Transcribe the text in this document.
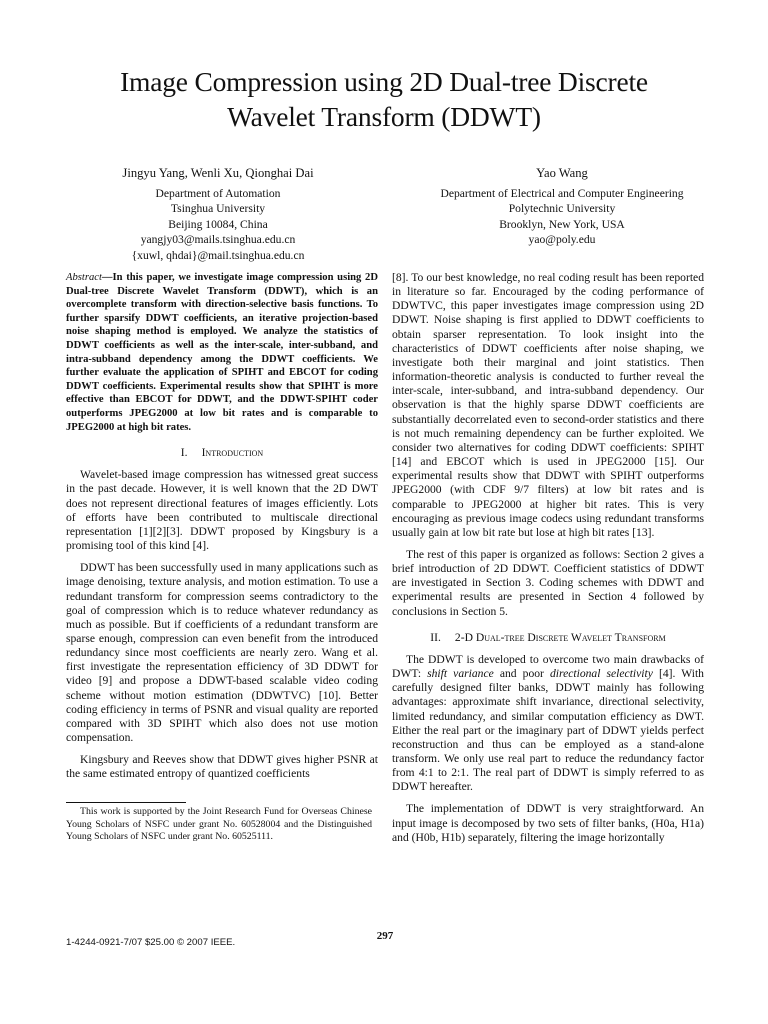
Image Compression using 2D Dual-tree Discrete
Wavelet Transform (DDWT)
Jingyu Yang, Wenli Xu, Qionghai Dai
Department of Automation
Tsinghua University
Beijing 10084, China
yangjy03@mails.tsinghua.edu.cn
{xuwl, qhdai}@mail.tsinghua.edu.cn
Yao Wang
Department of Electrical and Computer Engineering
Polytechnic University
Brooklyn, New York, USA
yao@poly.edu

Abstract—In this paper, we investigate image compression using 2D Dual-tree Discrete Wavelet Transform (DDWT), which is an overcomplete transform with direction-selective basis functions. To further sparsify DDWT coefficients, an iterative projection-based noise shaping method is employed. We analyze the statistics of DDWT coefficients as well as the inter-scale, inter-subband, and intra-subband dependency among the DDWT coefficients. We further evaluate the application of SPIHT and EBCOT for coding DDWT coefficients. Experimental results show that SPIHT is more effective than EBCOT for DDWT, and the DDWT-SPIHT coder outperforms JPEG2000 at low bit rates and is comparable to JPEG2000 at high bit rates.

I. Introduction

Wavelet-based image compression has witnessed great success in the past decade. However, it is well known that the 2D DWT does not represent directional features of images efficiently. Lots of efforts have been contributed to multiscale directional representation [1][2][3]. DDWT proposed by Kingsbury is a promising tool of this kind [4].

DDWT has been successfully used in many applications such as image denoising, texture analysis, and motion estimation. To use a redundant transform for compression seems contradictory to the goal of compression which is to reduce whatever redundancy as much as possible. But if coefficients of a redundant transform are sparse enough, compression can even benefit from the introduced redundancy since most coefficients are nearly zero. Wang et al. first investigate the representation efficiency of 3D DDWT for video [9] and propose a DDWT-based scalable video coding scheme without motion estimation (DDWTVC) [10]. Better coding efficiency in terms of PSNR and visual quality are reported compared with 3D SPIHT which also does not use motion compensation.

Kingsbury and Reeves show that DDWT gives higher PSNR at the same estimated entropy of quantized coefficients

[8]. To our best knowledge, no real coding result has been reported in literature so far. Encouraged by the coding performance of DDWTVC, this paper investigates image compression using 2D DDWT. Noise shaping is first applied to DDWT coefficients to obtain sparser representation. To look insight into the characteristics of DDWT coefficients after noise shaping, we investigate both their marginal and joint statistics. Then information-theoretic analysis is conducted to further reveal the inter-scale, inter-subband, and intra-subband dependency. Our observation is that the highly sparse DDWT coefficients are substantially decorrelated even to second-order statistics and there is not much remaining dependency can be further exploited. We consider two alternatives for coding DDWT coefficients: SPIHT [14] and EBCOT which is used in JPEG2000 [15]. Our experimental results show that DDWT with SPIHT outperforms JPEG2000 (with CDF 9/7 filters) at low bit rates and is comparable to JPEG2000 at higher bit rates. This is very encouraging as previous image codecs using redundant transforms usually gain at low bit rate but lose at high bit rates [13].

The rest of this paper is organized as follows: Section 2 gives a brief introduction of 2D DDWT. Coefficient statistics of DDWT are investigated in Section 3. Coding schemes with DDWT and experimental results are presented in Section 4 followed by conclusions in Section 5.

II. 2-D Dual-tree Discrete Wavelet Transform

The DDWT is developed to overcome two main drawbacks of DWT: shift variance and poor directional selectivity [4]. With carefully designed filter banks, DDWT mainly has following advantages: approximate shift invariance, directional selectivity, limited redundancy, and similar computation efficiency as DWT. Either the real part or the imaginary part of DDWT yields perfect reconstruction and thus can be employed as a stand-alone transform. We only use real part to reduce the redundancy factor from 4:1 to 2:1. The real part of DDWT is simply referred to as DDWT hereafter.

The implementation of DDWT is very straightforward. An input image is decomposed by two sets of filter banks, (H0a, H1a) and (H0b, H1b) separately, filtering the image horizontally

This work is supported by the Joint Research Fund for Overseas Chinese Young Scholars of NSFC under grant No. 60528004 and the Distinguished Young Scholars of NSFC under grant No. 60525111.
1-4244-0921-7/07 $25.00 © 2007 IEEE.
297
